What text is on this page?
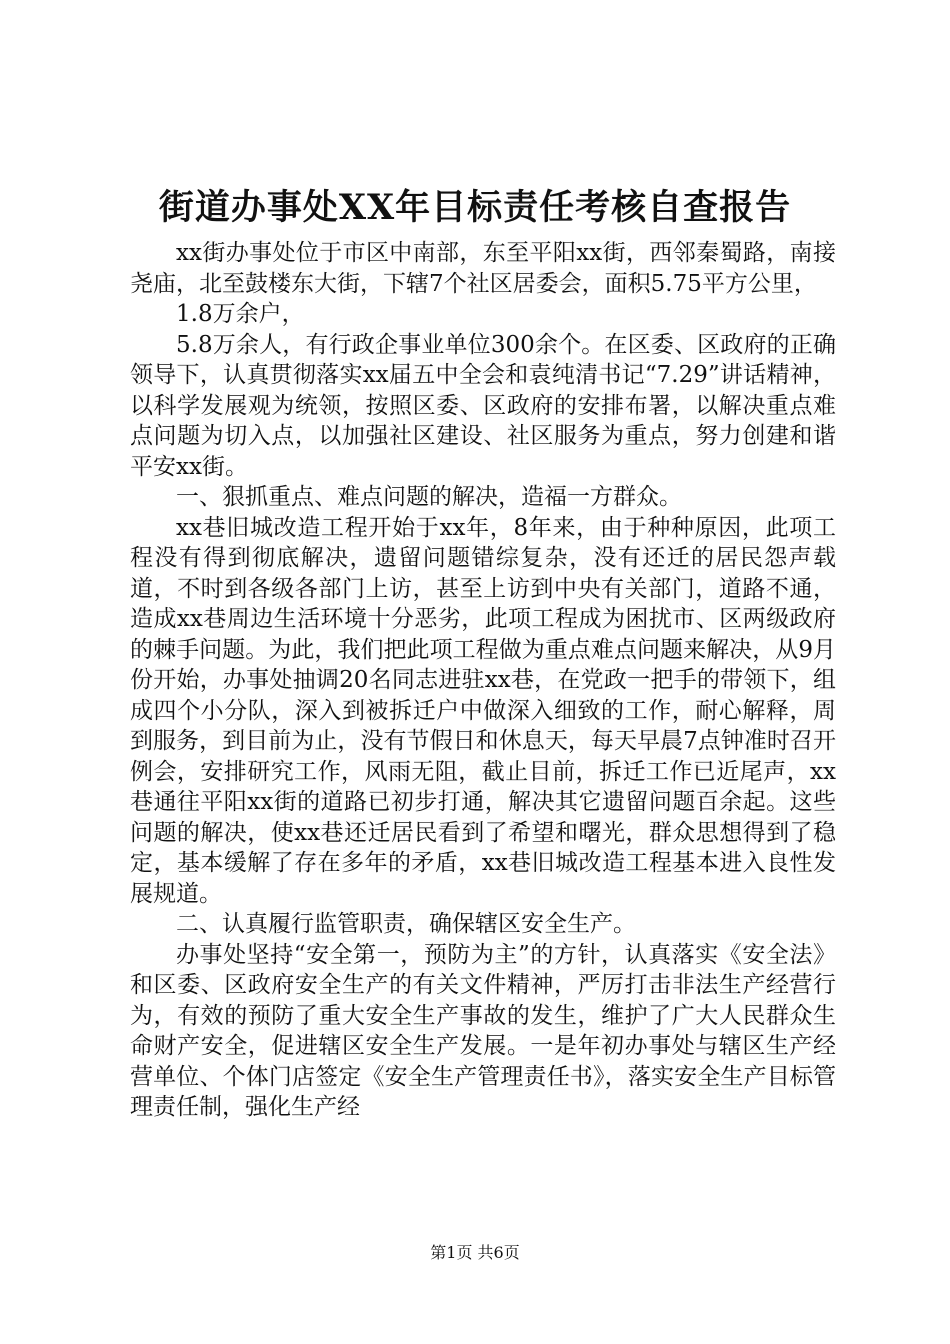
街道办事处XX年目标责任考核自查报告

xx街办事处位于市区中南部，东至平阳xx街，西邻秦蜀路，南接尧庙，北至鼓楼东大街，下辖7个社区居委会，面积5.75平方公里，

1.8万余户，

5.8万余人，有行政企事业单位300余个。在区委、区政府的正确领导下，认真贯彻落实xx届五中全会和袁纯清书记“7.29”讲话精神，以科学发展观为统领，按照区委、区政府的安排布署，以解决重点难点问题为切入点，以加强社区建设、社区服务为重点，努力创建和谐平安xx街。

一、狠抓重点、难点问题的解决，造福一方群众。

xx巷旧城改造工程开始于xx年，8年来，由于种种原因，此项工程没有得到彻底解决，遗留问题错综复杂，没有还迁的居民怨声载道，不时到各级各部门上访，甚至上访到中央有关部门，道路不通，造成xx巷周边生活环境十分恶劣，此项工程成为困扰市、区两级政府的棘手问题。为此，我们把此项工程做为重点难点问题来解决，从9月份开始，办事处抽调20名同志进驻xx巷，在党政一把手的带领下，组成四个小分队，深入到被拆迁户中做深入细致的工作，耐心解释，周到服务，到目前为止，没有节假日和休息天，每天早晨7点钟准时召开例会，安排研究工作，风雨无阻，截止目前，拆迁工作已近尾声，xx巷通往平阳xx街的道路已初步打通，解决其它遗留问题百余起。这些问题的解决，使xx巷还迁居民看到了希望和曙光，群众思想得到了稳定，基本缓解了存在多年的矛盾，xx巷旧城改造工程基本进入良性发展规道。

二、认真履行监管职责，确保辖区安全生产。

办事处坚持“安全第一，预防为主”的方针，认真落实《安全法》和区委、区政府安全生产的有关文件精神，严厉打击非法生产经营行为，有效的预防了重大安全生产事故的发生，维护了广大人民群众生命财产安全，促进辖区安全生产发展。一是年初办事处与辖区生产经营单位、个体门店签定《安全生产管理责任书》，落实安全生产目标管理责任制，强化生产经

第1页 共6页
